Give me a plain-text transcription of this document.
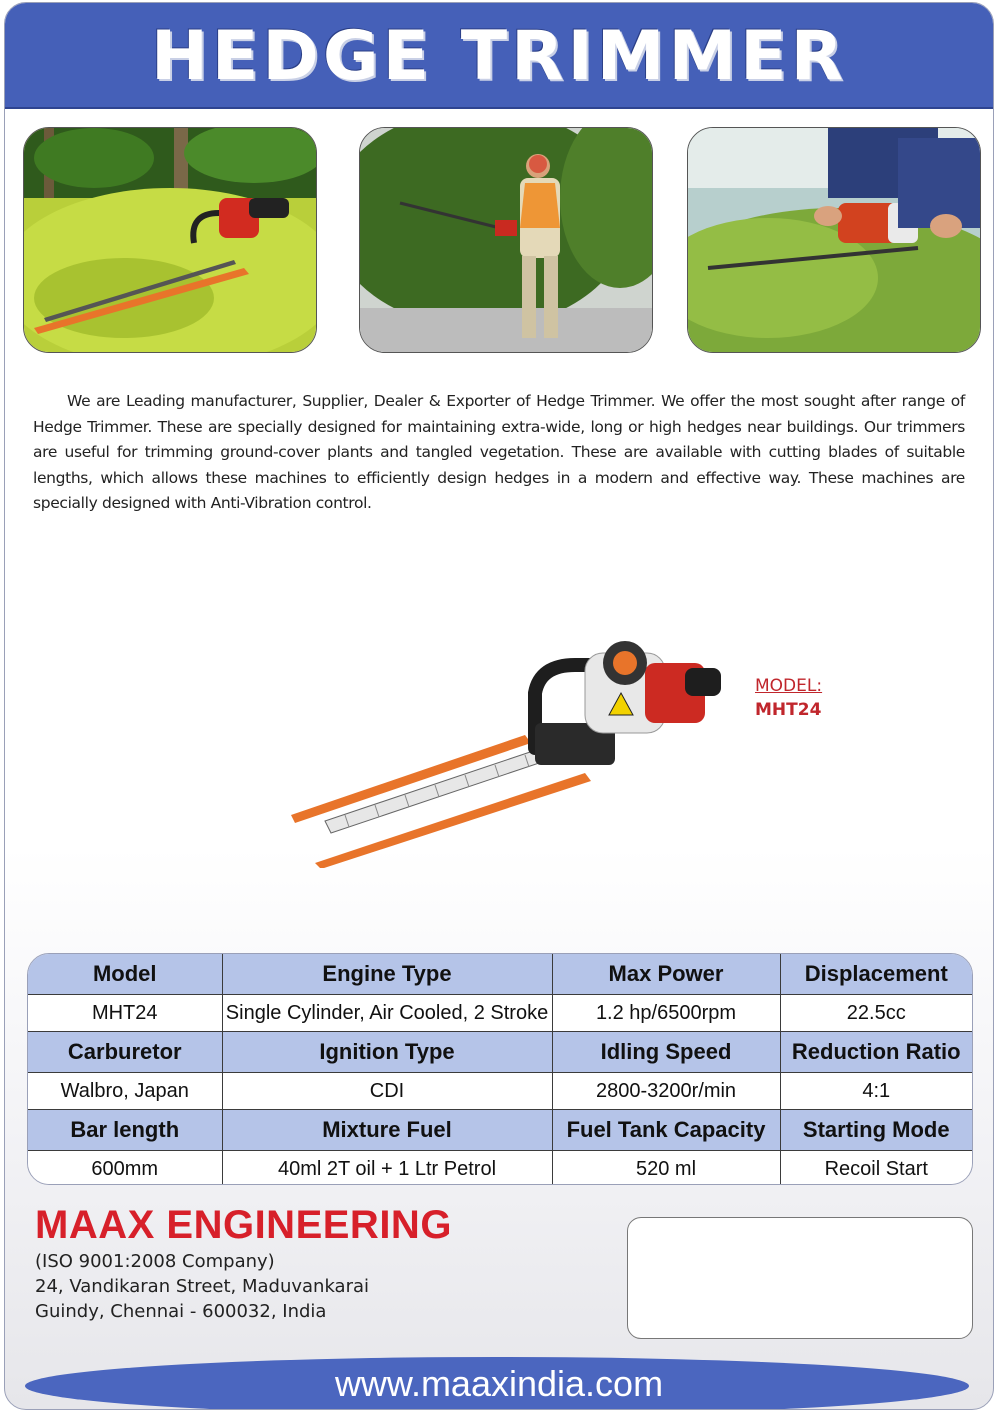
HEDGE TRIMMER

We are Leading manufacturer, Supplier, Dealer & Exporter of Hedge Trimmer. We offer the most sought after range of Hedge Trimmer. These are specially designed for maintaining extra-wide, long or high hedges near buildings. Our trimmers are useful for trimming ground-cover plants and tangled vegetation. These are available with cutting blades of suitable lengths, which allows these machines to efficiently design hedges in a modern and effective way. These machines are specially designed with Anti-Vibration control.

MODEL:
MHT24
Model	Engine Type	Max Power	Displacement
MHT24	Single Cylinder, Air Cooled, 2 Stroke	1.2 hp/6500rpm	22.5cc
Carburetor	Ignition Type	Idling Speed	Reduction Ratio
Walbro, Japan	CDI	2800-3200r/min	4:1
Bar length	Mixture Fuel	Fuel Tank Capacity	Starting Mode
600mm	40ml 2T oil + 1 Ltr Petrol	520 ml	Recoil Start
MAAX ENGINEERING
(ISO 9001:2008 Company)
24, Vandikaran Street, Maduvankarai
Guindy, Chennai - 600032, India
www.maaxindia.com
